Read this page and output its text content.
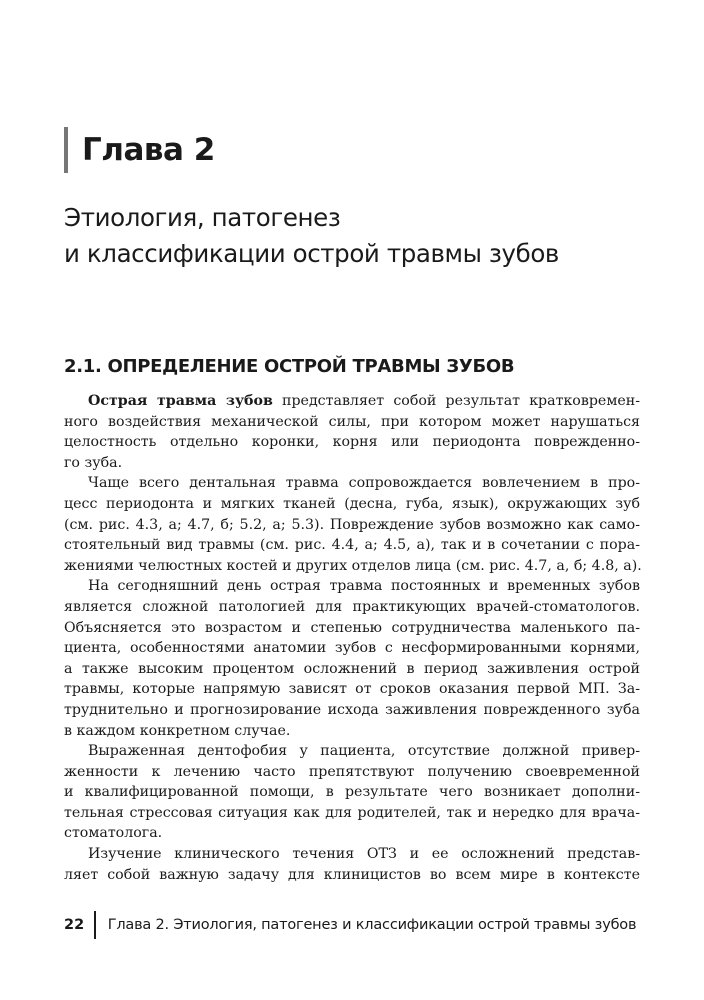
Глава 2
Этиология, патогенез
и классификации острой травмы зубов
2.1. ОПРЕДЕЛЕНИЕ ОСТРОЙ ТРАВМЫ ЗУБОВ

Острая травма зубов представляет собой результат кратковремен-
ного воздействия механической силы, при котором может нарушаться
целостность отдельно коронки, корня или периодонта поврежденно-
го зуба.

Чаще всего дентальная травма сопровождается вовлечением в про-
цесс периодонта и мягких тканей (десна, губа, язык), окружающих зуб
(см. рис. 4.3, а; 4.7, б; 5.2, а; 5.3). Повреждение зубов возможно как само-
стоятельный вид травмы (см. рис. 4.4, а; 4.5, а), так и в сочетании с пора-
жениями челюстных костей и других отделов лица (см. рис. 4.7, а, б; 4.8, а).

На сегодняшний день острая травма постоянных и временных зубов
является сложной патологией для практикующих врачей-стоматологов.
Объясняется это возрастом и степенью сотрудничества маленького па-
циента, особенностями анатомии зубов с несформированными корнями,
а также высоким процентом осложнений в период заживления острой
травмы, которые напрямую зависят от сроков оказания первой МП. За-
труднительно и прогнозирование исхода заживления поврежденного зуба
в каждом конкретном случае.

Выраженная дентофобия у пациента, отсутствие должной привер-
женности к лечению часто препятствуют получению своевременной
и квалифицированной помощи, в результате чего возникает дополни-
тельная стрессовая ситуация как для родителей, так и нередко для врача-
стоматолога.

Изучение клинического течения ОТЗ и ее осложнений представ-
ляет собой важную задачу для клиницистов во всем мире в контексте

22 Глава 2. Этиология, патогенез и классификации острой травмы зубов
